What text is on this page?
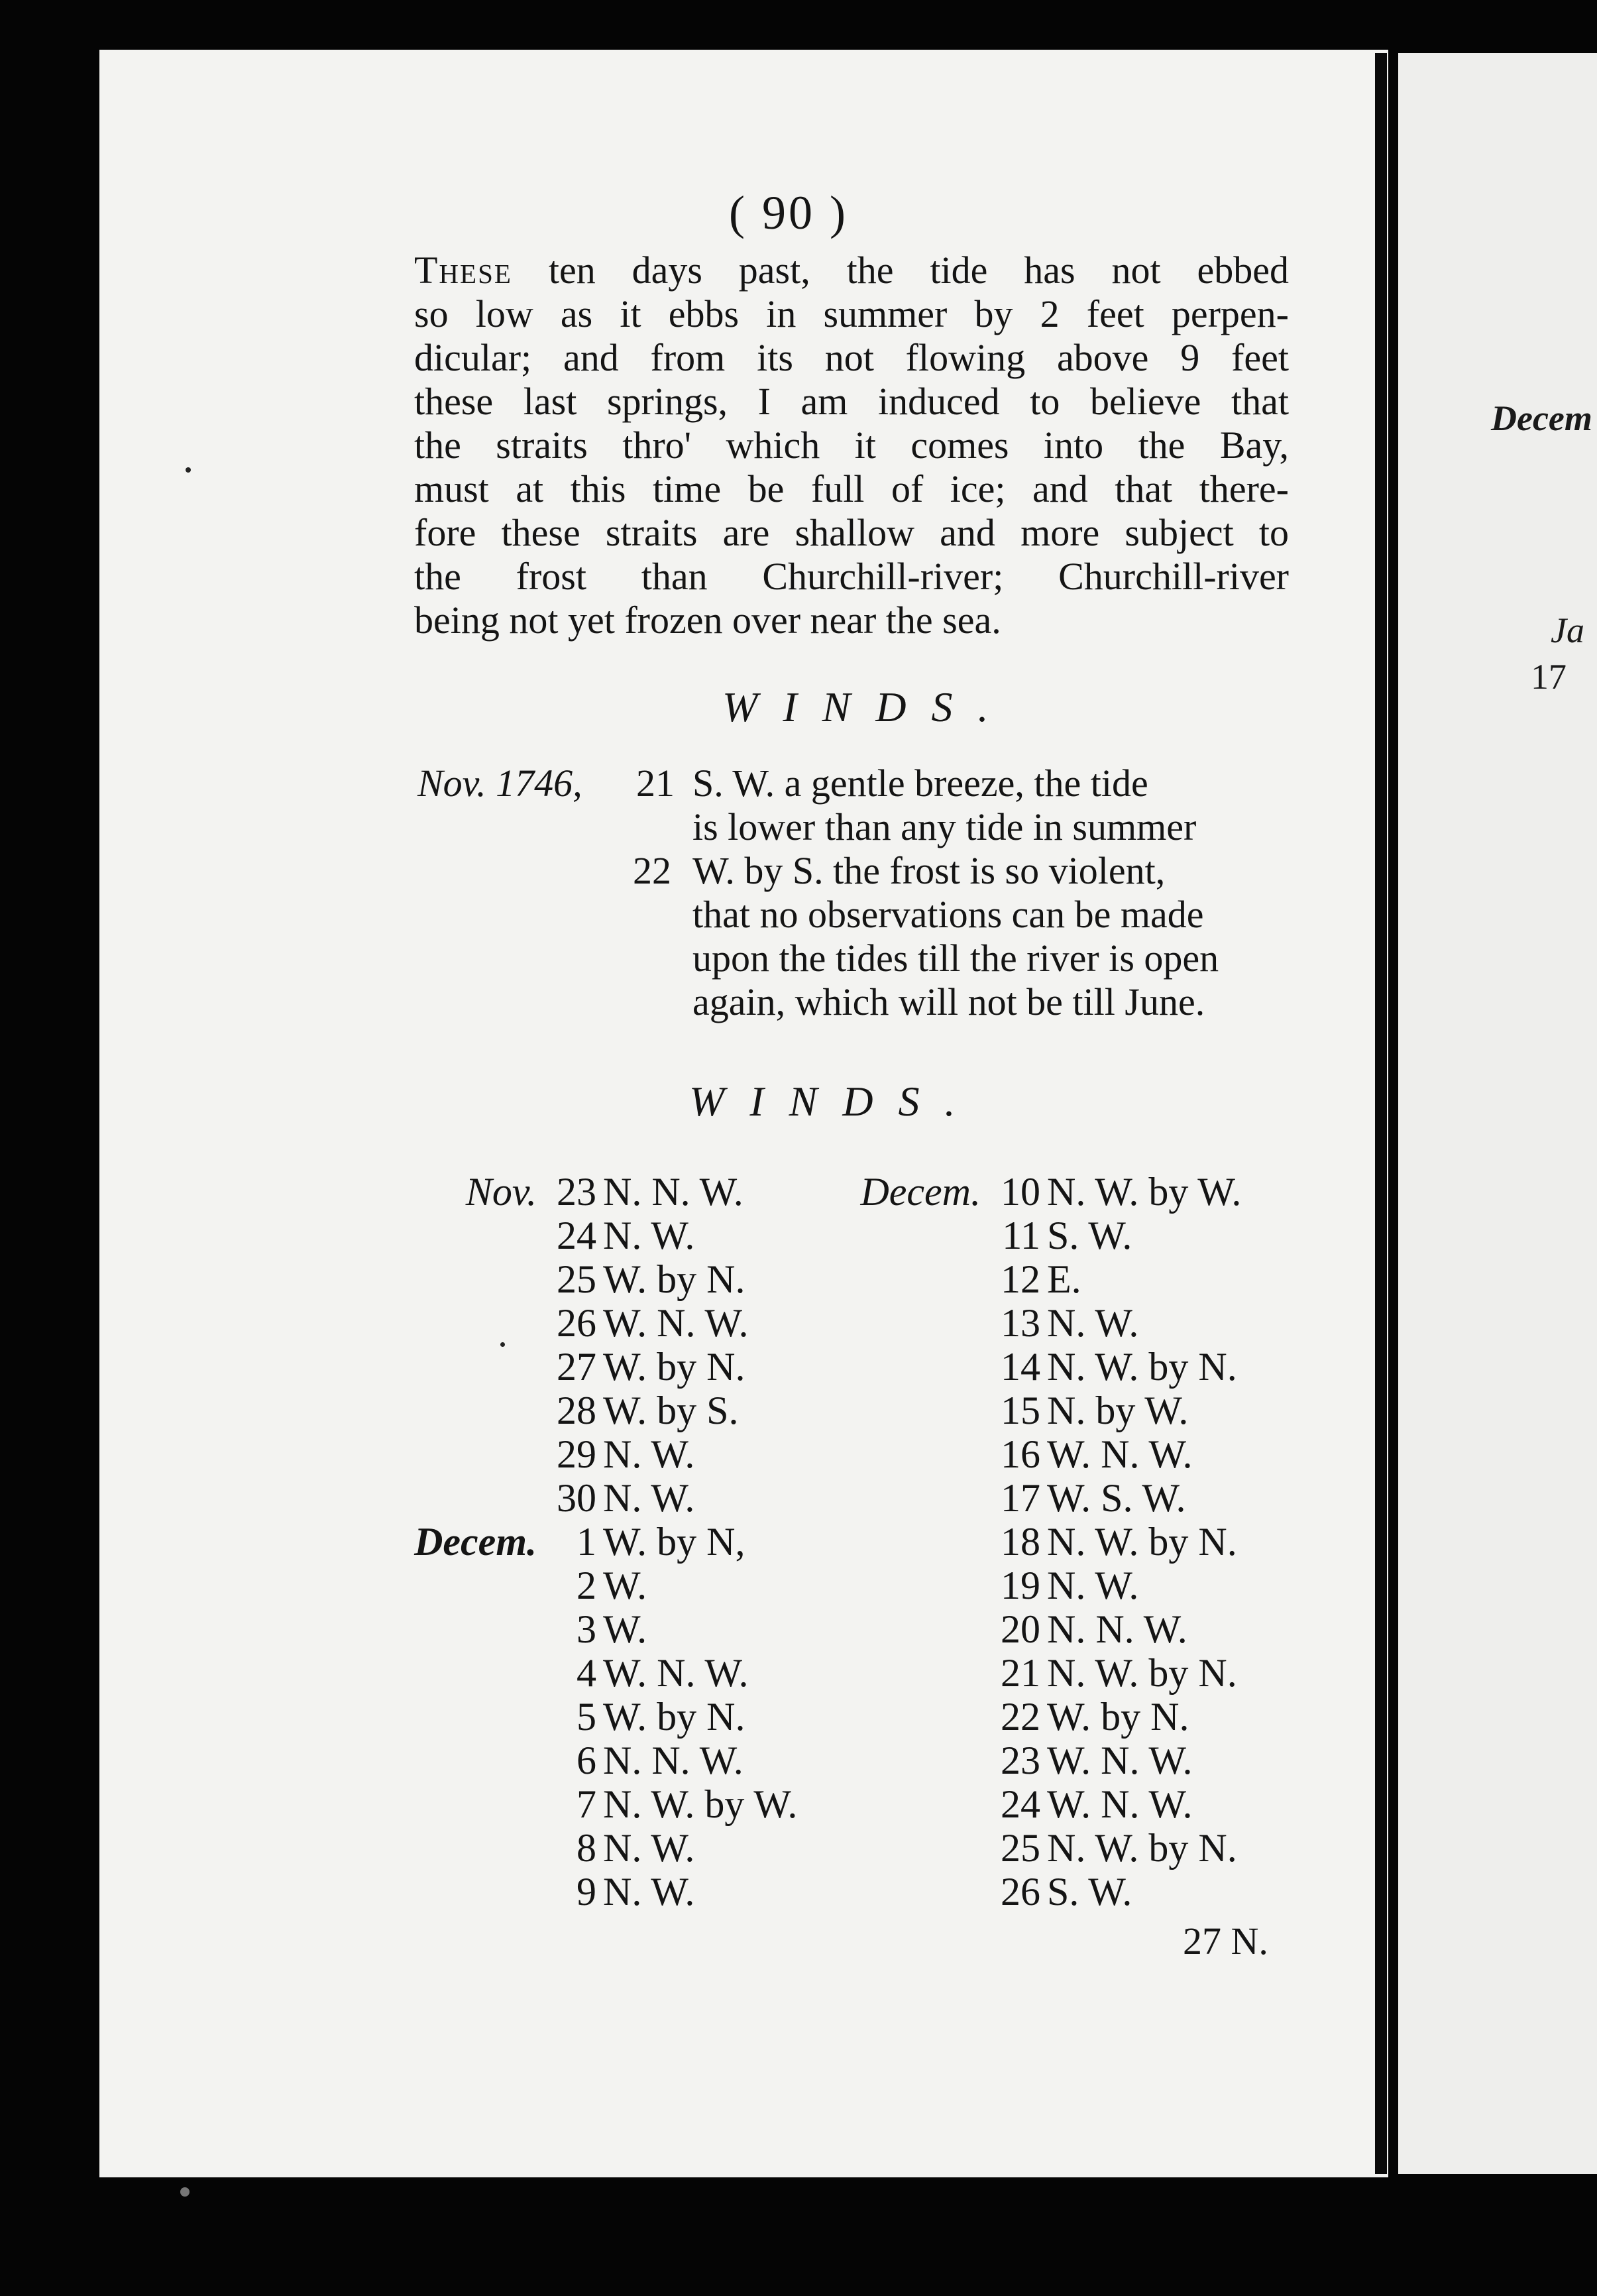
Decem
Ja
17
( 90 )
These ten days past, the tide has not ebbed
so low as it ebbs in summer by 2 feet perpen-
dicular; and from its not flowing above 9 feet
these last springs, I am induced to believe that
the straits thro' which it comes into the Bay,
must at this time be full of ice; and that there-
fore these straits are shallow and more subject to
the frost than Churchill-river; Churchill-river
being not yet frozen over near the sea.
WINDS.
Nov. 1746, 21 S. W. a gentle breeze, the tide
is lower than any tide in summer
22 W. by S. the frost is so violent,
that no observations can be made
upon the tides till the river is open
again, which will not be till June.
WINDS.
Nov. 23 N. N. W.
24 N. W.
25 W. by N.
26 W. N. W.
27 W. by N.
28 W. by S.
29 N. W.
30 N. W.
Decem. 1 W. by N,
2 W.
3 W.
4 W. N. W.
5 W. by N.
6 N. N. W.
7 N. W. by W.
8 N. W.
9 N. W.
Decem. 10 N. W. by W.
11 S. W.
12 E.
13 N. W.
14 N. W. by N.
15 N. by W.
16 W. N. W.
17 W. S. W.
18 N. W. by N.
19 N. W.
20 N. N. W.
21 N. W. by N.
22 W. by N.
23 W. N. W.
24 W. N. W.
25 N. W. by N.
26 S. W.
27 N.
